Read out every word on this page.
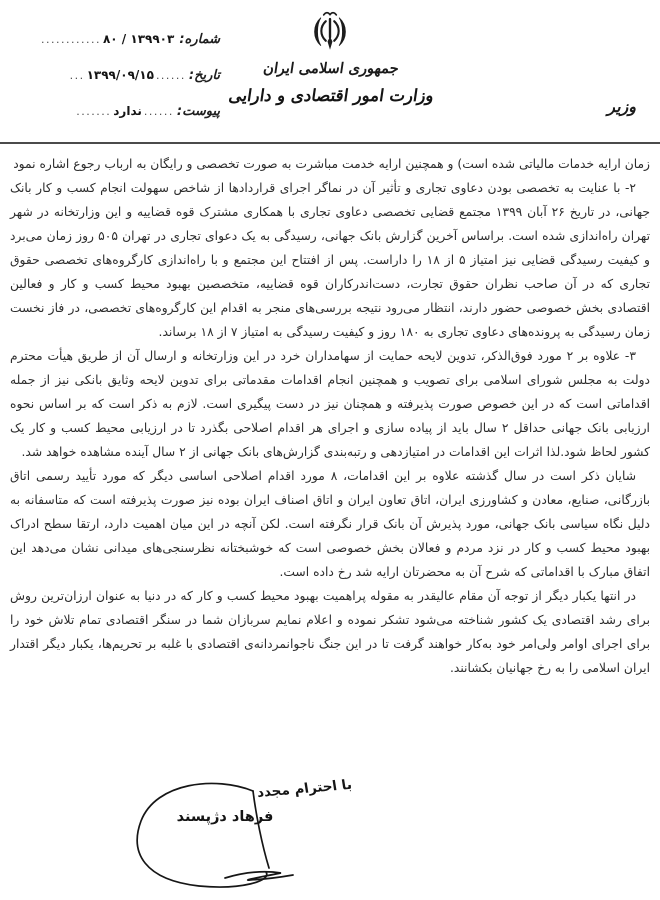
شماره:
۱۳۹۹۰۳ / ۸۰
............
تاریخ:
......
۱۳۹۹/۰۹/۱۵
...
پیوست:
......
ندارد
.......
جمهوری اسلامی ایران
وزارت امور اقتصادی و دارایی
وزیر

زمان ارایه خدمات مالیاتی شده است) و همچنین ارایه خدمت مباشرت به صورت تخصصی و رایگان به ارباب رجوع اشاره نمود

۲- با عنایت به تخصصی بودن دعاوی تجاری و تأثیر آن در نماگر اجرای قراردادها از شاخص سهولت انجام کسب و کار بانک جهانی، در تاریخ ۲۶ آبان ۱۳۹۹ مجتمع قضایی تخصصی دعاوی تجاری با همکاری مشترک قوه قضاییه و این وزارتخانه در شهر تهران راه‌اندازی شده است. براساس آخرین گزارش بانک جهانی، رسیدگی به یک دعوای تجاری در تهران ۵۰۵ روز زمان می‌برد و کیفیت رسیدگی قضایی نیز امتیاز ۵ از ۱۸ را داراست. پس از افتتاح این مجتمع و با راه‌اندازی کارگروه‌های تخصصی حقوق تجاری که در آن صاحب نظران حقوق تجارت، دست‌اندرکاران قوه قضاییه، متخصصین بهبود محیط کسب و کار و فعالین اقتصادی بخش خصوصی حضور دارند، انتظار می‌رود نتیجه بررسی‌های منجر به اقدام این کارگروه‌های تخصصی، در فاز نخست زمان رسیدگی به پرونده‌های دعاوی تجاری به ۱۸۰ روز و کیفیت رسیدگی به امتیاز ۷ از ۱۸ برساند.

۳- علاوه بر ۲ مورد فوق‌الذکر، تدوین لایحه حمایت از سهامداران خرد در این وزارتخانه و ارسال آن از طریق هیأت محترم دولت به مجلس شورای اسلامی برای تصویب و همچنین انجام اقدامات مقدماتی برای تدوین لایحه وثایق بانکی نیز از جمله اقداماتی است که در این خصوص صورت پذیرفته و همچنان نیز در دست پیگیری است. لازم به ذکر است که بر اساس نحوه ارزیابی بانک جهانی حداقل ۲ سال باید از پیاده سازی و اجرای هر اقدام اصلاحی بگذرد تا در ارزیابی محیط کسب و کار یک کشور لحاظ شود.لذا اثرات این اقدامات در امتیازدهی و رتبه‌بندی گزارش‌های بانک جهانی از ۲ سال آینده مشاهده خواهد شد.

شایان ذکر است در سال گذشته علاوه بر این اقدامات، ۸ مورد اقدام اصلاحی اساسی دیگر که مورد تأیید رسمی اتاق بازرگانی، صنایع، معادن و کشاورزی ایران، اتاق تعاون ایران و اتاق اصناف ایران بوده نیز صورت پذیرفته است که متاسفانه به دلیل نگاه سیاسی بانک جهانی، مورد پذیرش آن بانک قرار نگرفته است. لکن آنچه در این میان اهمیت دارد، ارتقا سطح ادراک بهبود محیط کسب و کار در نزد مردم و فعالان بخش خصوصی است که خوشبختانه نظرسنجی‌های میدانی نشان می‌دهد این اتفاق مبارک با اقداماتی که شرح آن به محضرتان ارایه شد رخ داده است.

در انتها یکبار دیگر از توجه آن مقام عالیقدر به مقوله پراهمیت بهبود محیط کسب و کار که در دنیا به عنوان ارزان‌ترین روش برای رشد اقتصادی یک کشور شناخته می‌شود تشکر نموده و اعلام نمایم سربازان شما در سنگر اقتصادی تمام تلاش خود را برای اجرای اوامر ولی‌امر خود به‌کار خواهند گرفت تا در این جنگ ناجوانمردانه‌ی اقتصادی با غلبه بر تحریم‌ها، یکبار دیگر اقتدار ایران اسلامی را به رخ جهانیان بکشانند.

با احترام مجدد
فرهاد دژپسند
